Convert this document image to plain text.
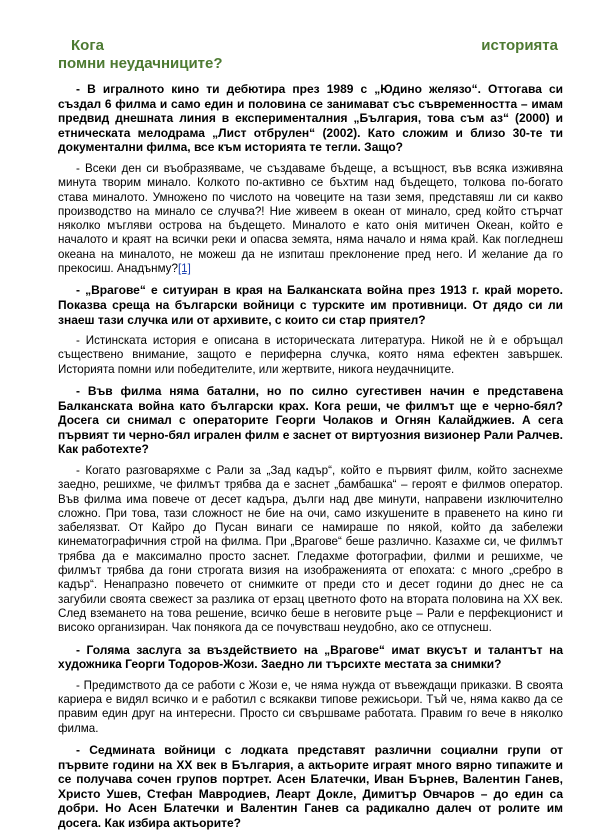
Кога	историята
помни неудачниците?

- В игралното кино ти дебютира през 1989 с „Юдино желязо“. Оттогава си създал 6 филма и само един и половина се занимават със съвременността – имам предвид днешната линия в експерименталния „България, това съм аз“ (2000) и етническата мелодрама „Лист отбрулен“ (2002). Като сложим и близо 30-те ти документални филма, все към историята те тегли. Защо?

- Всеки ден си въобразяваме, че създаваме бъдеще, а всъщност, във всяка изживяна минута творим минало. Колкото по-активно се бъхтим над бъдещето, толкова по-богато става миналото. Умножено по числото на човеците на тази земя, представяш ли си какво производство на минало се случва?! Ние живеем в океан от минало, сред който стърчат няколко мъгляви острова на бъдещето. Миналото е като онія митичен Океан, който е началото и краят на всички реки и опасва земята, няма начало и няма край. Как погледнеш океана на миналото, не можеш да не изпиташ преклонение пред него. И желание да го прекосиш. Анадънму?[1]

- „Врагове“ е ситуиран в края на Балканската война през 1913 г. край морето. Показва среща на български войници с турските им противници. От дядо си ли знаеш тази случка или от архивите, с които си стар приятел?

- Истинската история е описана в историческата литература. Никой не ѝ е обръщал съществено внимание, защото е периферна случка, която няма ефектен завършек. Историята помни или победителите, или жертвите, никога неудачниците.

- Във филма няма батални, но по силно сугестивен начин е представена Балканската война като български крах. Кога реши, че филмът ще е черно-бял? Досега си снимал с операторите Георги Чолаков и Огнян Калайджиев. А сега първият ти черно-бял игрален филм е заснет от виртуозния визионер Рали Ралчев. Как работехте?

- Когато разговаряхме с Рали за „Зад кадър“, който е първият филм, който заснехме заедно, решихме, че филмът трябва да е заснет „бамбашка“ – героят е филмов оператор. Във филма има повече от десет кадъра, дълги над две минути, направени изключително сложно. При това, тази сложност не бие на очи, само изкушените в правенето на кино ги забелязват. От Кайро до Пусан винаги се намираше по някой, който да забележи кинематографичния строй на филма. При „Врагове“ беше различно. Казахме си, че филмът трябва да е максимално просто заснет. Гледахме фотографии, филми и решихме, че филмът трябва да гони строгата визия на изображенията от епохата: с много „сребро в кадър“. Ненапразно повечето от снимките от преди сто и десет години до днес не са загубили своята свежест за разлика от ерзац цветното фото на втората половина на ХХ век. След вземането на това решение, всичко беше в неговите ръце – Рали е перфекционист и високо организиран. Чак понякога да се почувстваш неудобно, ако се отпуснеш.

- Голяма заслуга за въздействието на „Врагове“ имат вкусът и талантът на художника Георги Тодоров-Жози. Заедно ли търсихте местата за снимки?

- Предимството да се работи с Жози е, че няма нужда от въвеждащи приказки. В своята кариера е видял всичко и е работил с всякакви типове режисьори. Тъй че, няма какво да се правим един друг на интересни. Просто си свършваме работата. Правим го вече в няколко филма.

- Седмината войници с лодката представят различни социални групи от първите години на ХХ век в България, а актьорите играят много вярно типажите и се получава сочен групов портрет. Асен Блатечки, Иван Бърнев, Валентин Ганев, Христо Ушев, Стефан Мавродиев, Леарт Докле, Димитър Овчаров – до един са добри. Но Асен Блатечки и Валентин Ганев са радикално далеч от ролите им досега. Как избира актьорите?
